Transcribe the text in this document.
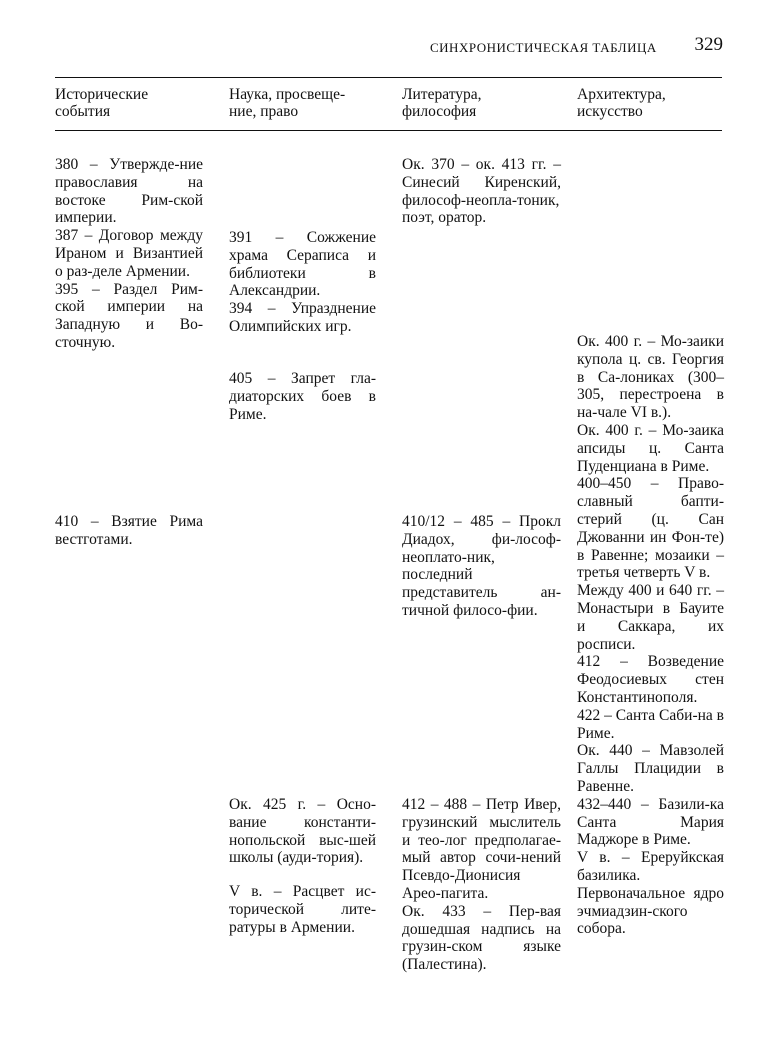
СИНХРОНИСТИЧЕСКАЯ ТАБЛИЦА 329
Исторические
события
Наука, просвеще-
ние, право
Литература,
философия
Архитектура,
искусство

380 – Утвержде-ние православия на востоке Рим-ской империи.

387 – Договор между Ираном и Византией о раз-деле Армении.

395 – Раздел Рим-ской империи на Западную и Во-сточную.

410 – Взятие Рима вестготами.

391 – Сожжение храма Сераписа и библиотеки в Александрии.

394 – Упразднение Олимпийских игр.

405 – Запрет гла-диаторских боев в Риме.

Ок. 425 г. – Осно-вание константи-нопольской выс-шей школы (ауди-тория).

V в. – Расцвет ис-торической лите-ратуры в Армении.

Ок. 370 – ок. 413 гг. – Синесий Киренский, философ-неопла-тоник, поэт, оратор.

410/12 – 485 – Прокл Диадох, фи-лософ-неоплато-ник, последний представитель ан-тичной филосо-фии.

412 – 488 – Петр Ивер, грузинский мыслитель и тео-лог предполагае-мый автор сочи-нений Псевдо-Дионисия Арео-пагита.

Ок. 433 – Пер-вая дошедшая надпись на грузин-ском языке (Палестина).

Ок. 400 г. – Мо-заики купола ц. св. Георгия в Са-лониках (300–305, перестроена в на-чале VI в.).

Ок. 400 г. – Мо-заика апсиды ц. Санта Пуденциана в Риме.

400–450 – Право-славный бапти-стерий (ц. Сан Джованни ин Фон-те) в Равенне; мозаики – третья четверть V в.

Между 400 и 640 гг. – Монастыри в Бауите и Саккара, их росписи.

412 – Возведение Феодосиевых стен Константинополя.

422 – Санта Саби-на в Риме.

Ок. 440 – Мавзолей Галлы Плацидии в Равенне.

432–440 – Базили-ка Санта Мария Маджоре в Риме.

V в. – Ереруйкская базилика. Первоначальное ядро эчмиадзин-ского собора.
